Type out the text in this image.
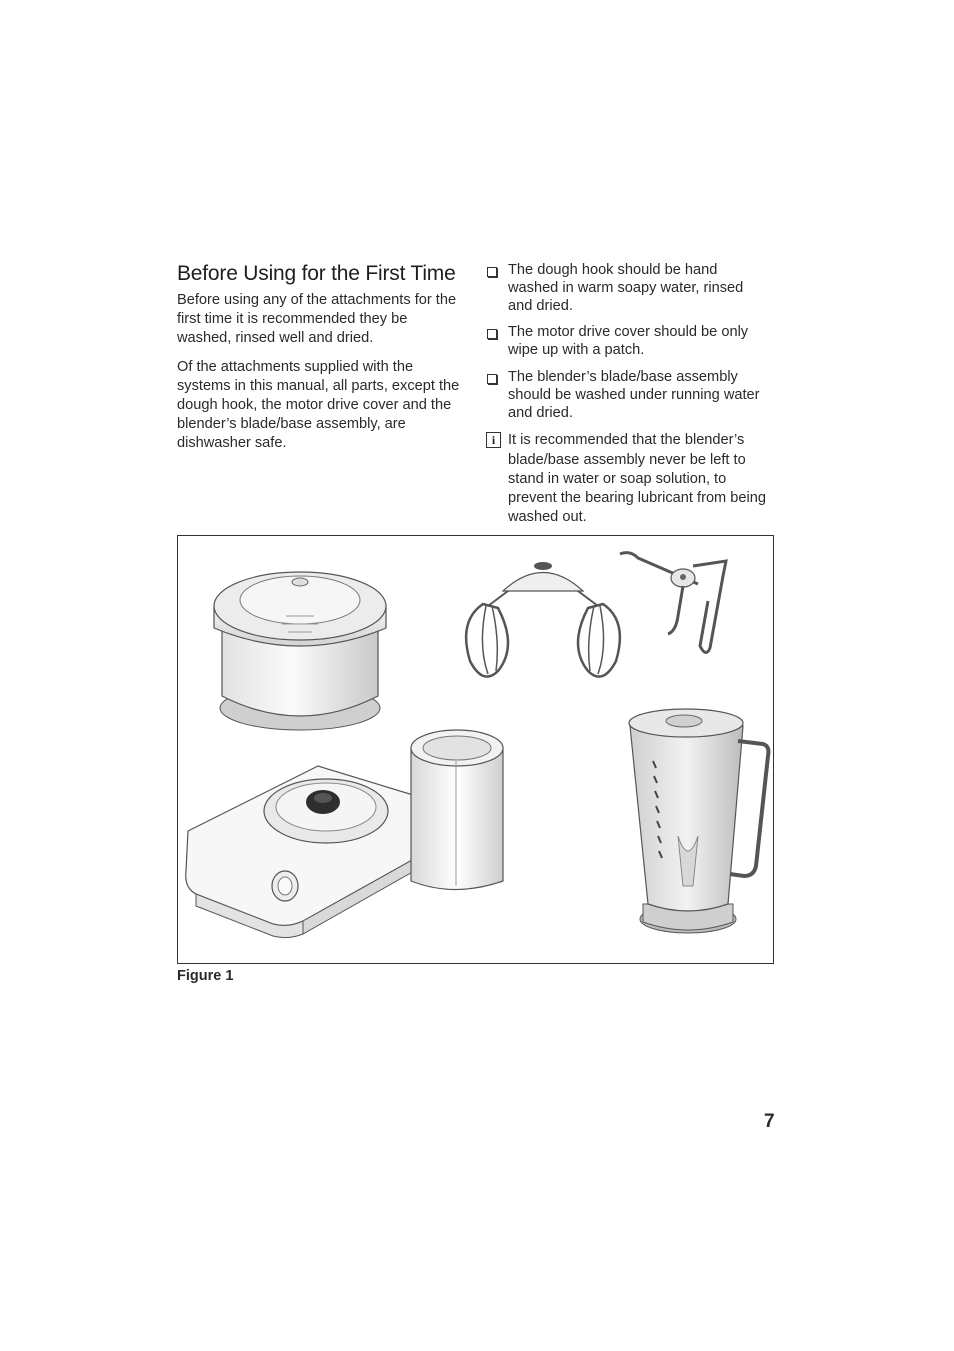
Before Using for the First Time

Before using any of the attachments for the first time it is recommended they be washed, rinsed well and dried.

Of the attachments supplied with the systems in this manual, all parts, except the dough hook, the motor drive cover and the blender’s blade/base assembly, are dishwasher safe.

The dough hook should be hand washed in warm soapy water, rinsed and dried.
The motor drive cover should be only wipe up with a patch.
The blender’s blade/base assembly should be washed under running water and dried.
i It is recommended that the blender’s blade/base assembly never be left to stand in water or soap solution, to prevent the bearing lubricant from being washed out.
Figure 1
7
